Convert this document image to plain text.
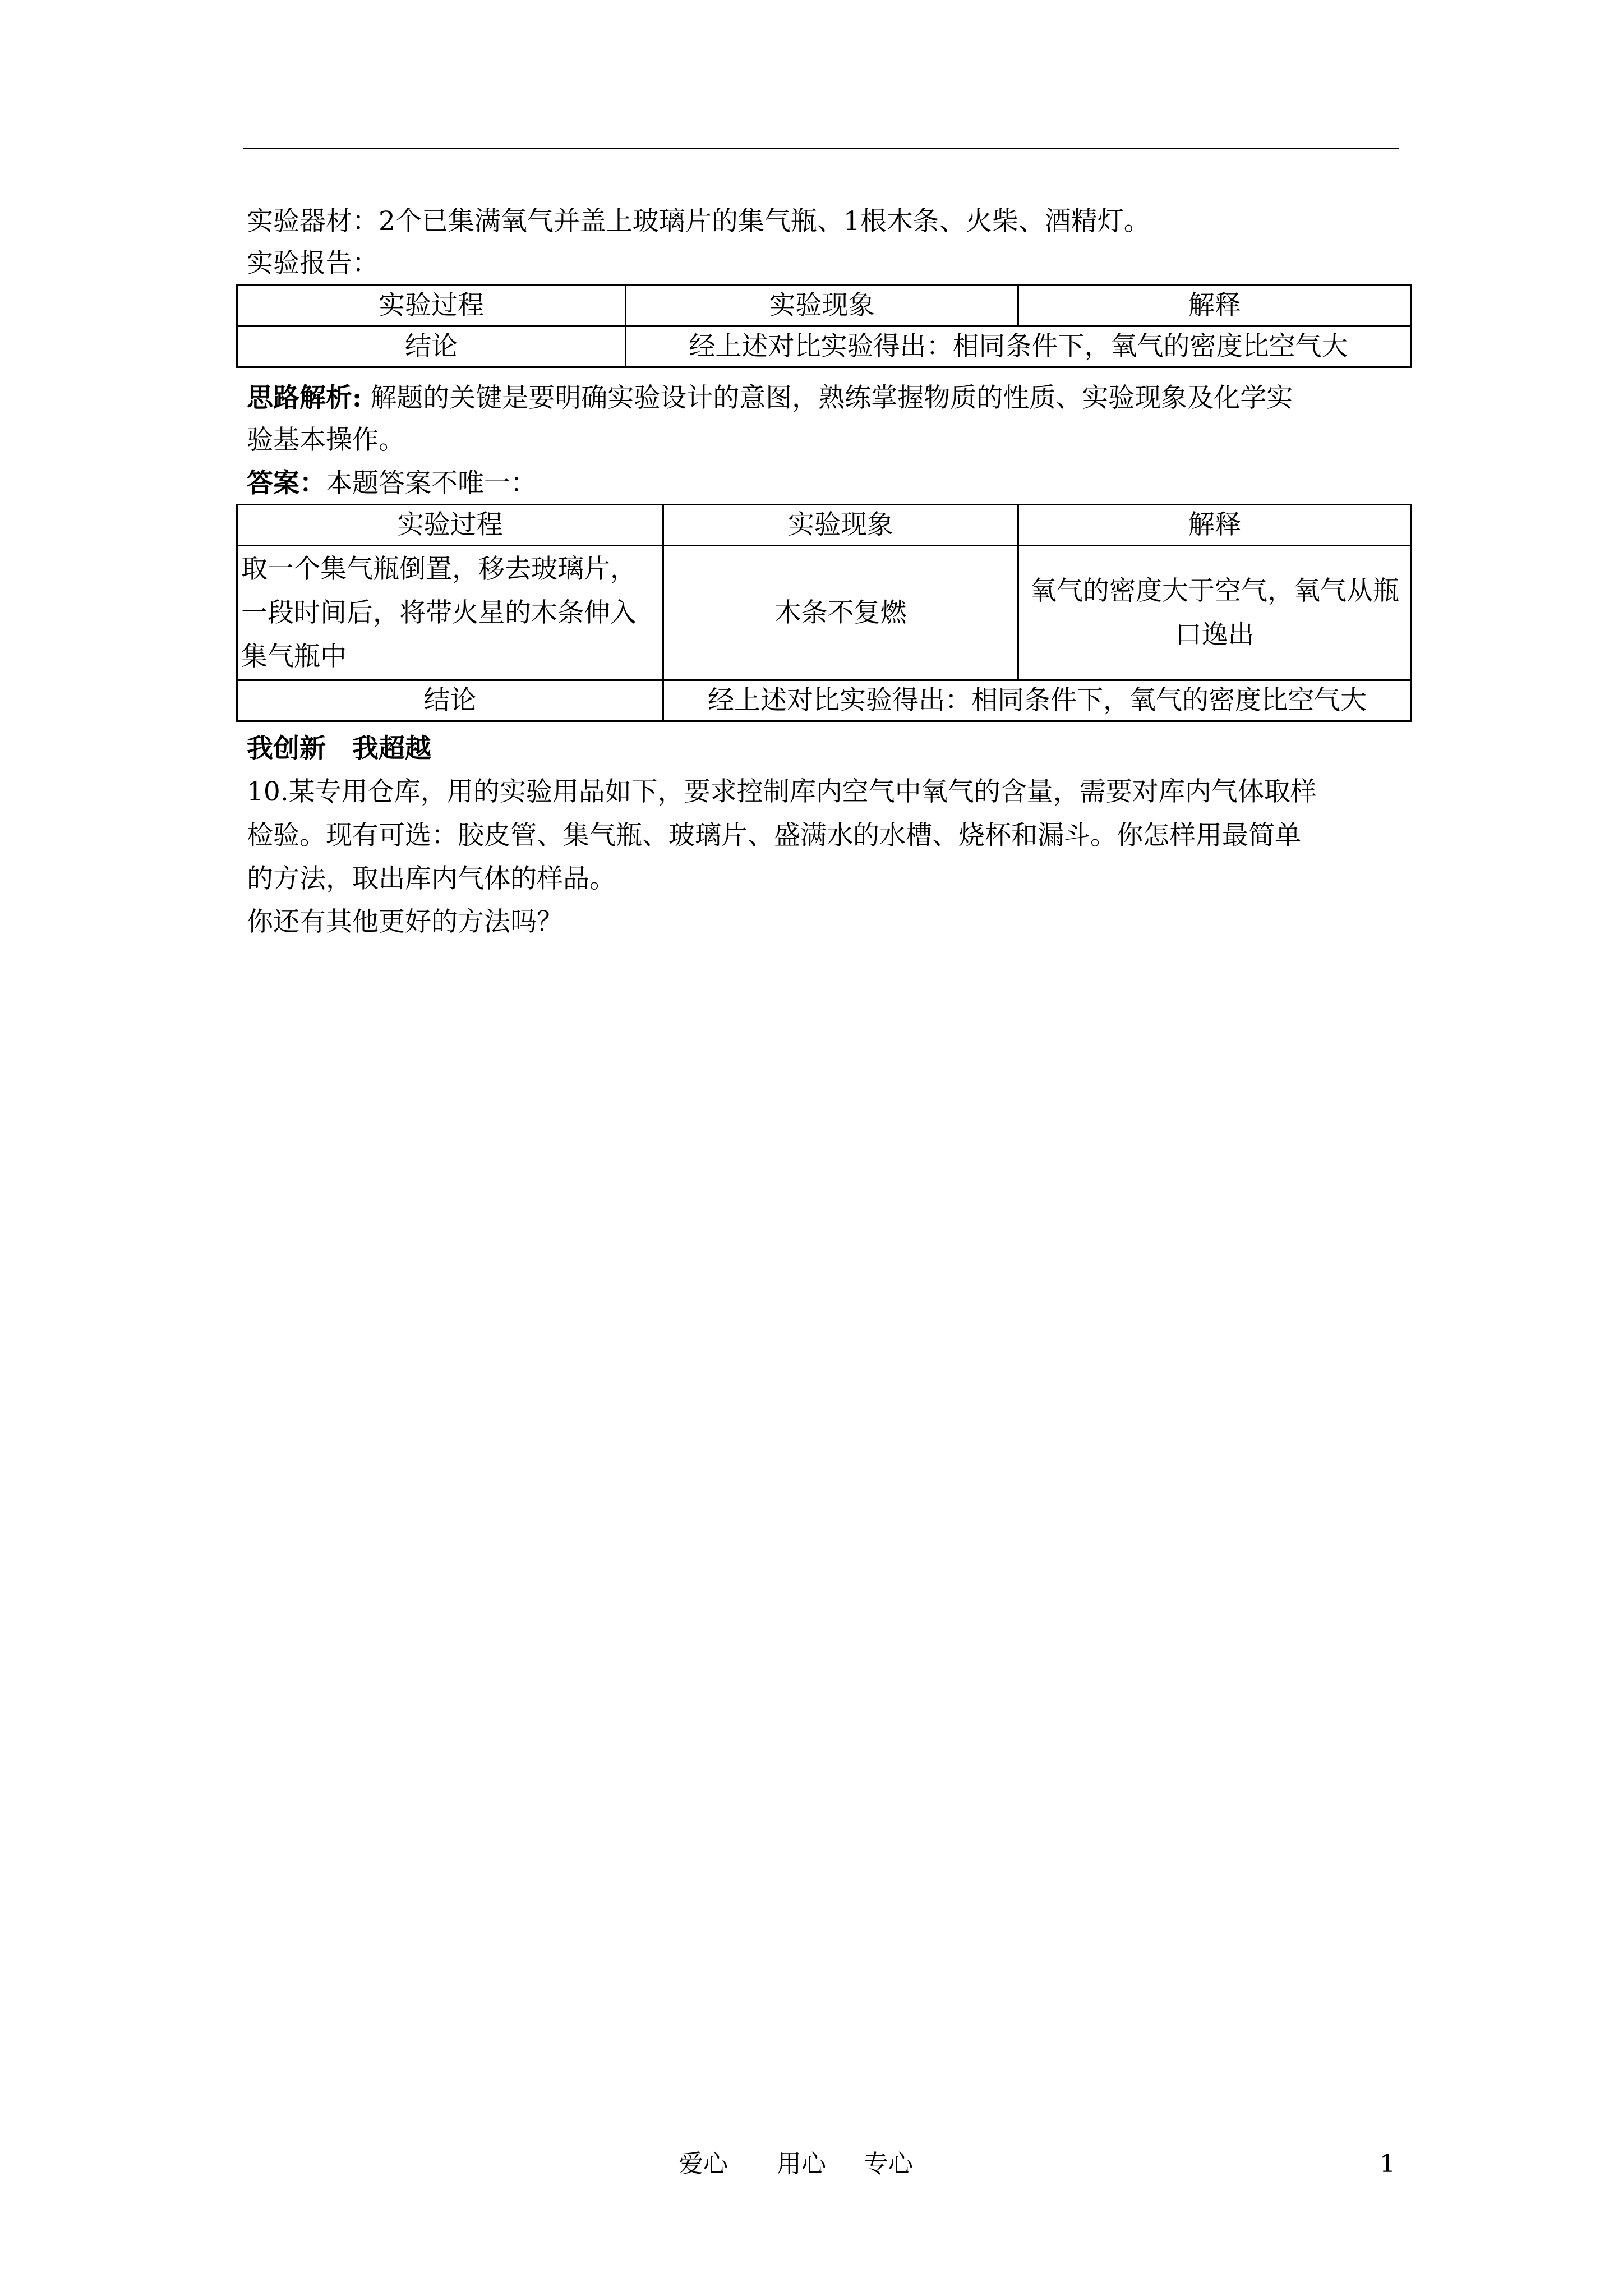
实验器材：2个已集满氧气并盖上玻璃片的集气瓶、1根木条、火柴、酒精灯。
实验报告：
实验过程	实验现象	解释
结论	经上述对比实验得出：相同条件下，氧气的密度比空气大	
思路解析: 解题的关键是要明确实验设计的意图，熟练掌握物质的性质、实验现象及化学实
验基本操作。
答案：本题答案不唯一：
实验过程	实验现象	解释
取一个集气瓶倒置，移去玻璃片，一段时间后，将带火星的木条伸入集气瓶中	木条不复燃	氧气的密度大于空气，氧气从瓶口逸出
结论	经上述对比实验得出：相同条件下，氧气的密度比空气大	
我创新　我超越
10.某专用仓库，用的实验用品如下，要求控制库内空气中氧气的含量，需要对库内气体取样
检验。现有可选：胶皮管、集气瓶、玻璃片、盛满水的水槽、烧杯和漏斗。你怎样用最简单
的方法，取出库内气体的样品。
你还有其他更好的方法吗？
爱心 用心 专心	1
